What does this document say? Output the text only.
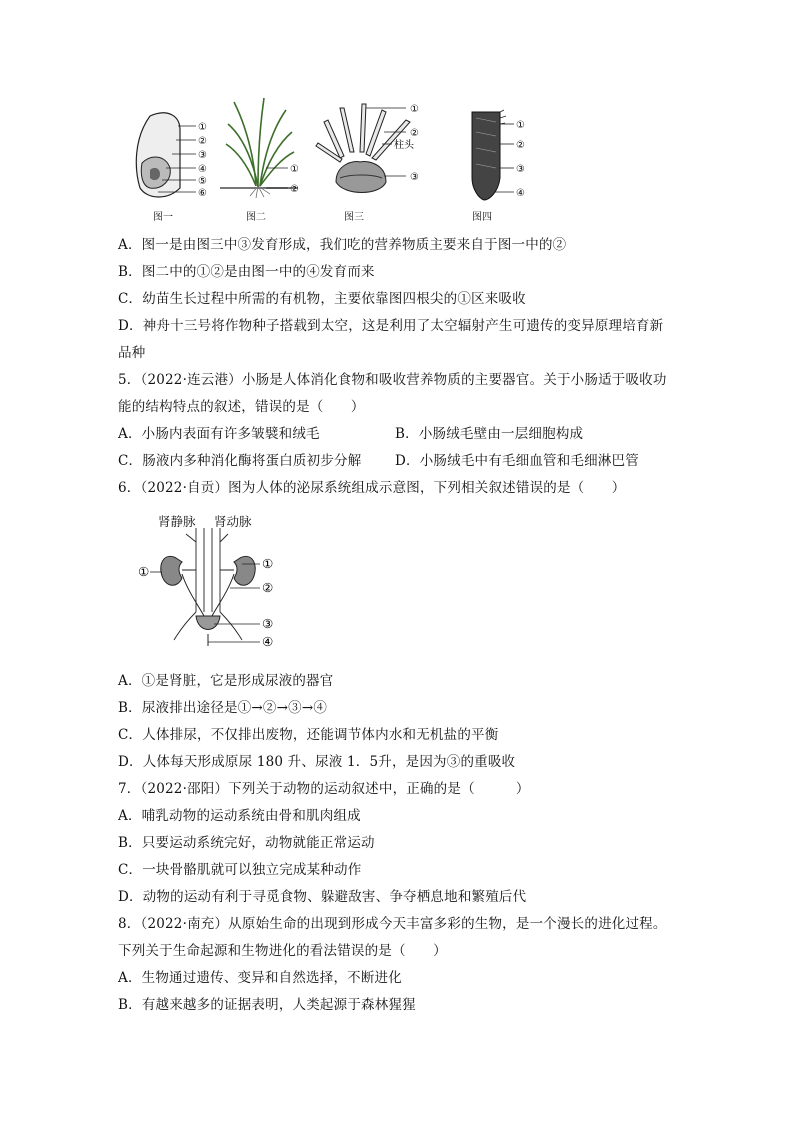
①
②
③
④
⑤
⑥
图一
①
②
图二
①
②
柱头
③
图三
①
②
③
④
图四
A．图一是由图三中③发育形成，我们吃的营养物质主要来自于图一中的②
B．图二中的①②是由图一中的④发育而来
C．幼苗生长过程中所需的有机物，主要依靠图四根尖的①区来吸收
D．神舟十三号将作物种子搭载到太空，这是利用了太空辐射产生可遗传的变异原理培育新
品种
5．（2022·连云港）小肠是人体消化食物和吸收营养物质的主要器官。关于小肠适于吸收功
能的结构特点的叙述，错误的是（　　）
A．小肠内表面有许多皱襞和绒毛	B．小肠绒毛壁由一层细胞构成
C．肠液内多种消化酶将蛋白质初步分解 D．小肠绒毛中有毛细血管和毛细淋巴管
6．（2022·自贡）图为人体的泌尿系统组成示意图，下列相关叙述错误的是（　　）
肾静脉 肾动脉
①
①
②
③
④
A．①是肾脏，它是形成尿液的器官
B．尿液排出途径是①→②→③→④
C．人体排尿，不仅排出废物，还能调节体内水和无机盐的平衡
D．人体每天形成原尿 180 升、尿液 1．5升，是因为③的重吸收
7．（2022·邵阳）下列关于动物的运动叙述中，正确的是（　　　）
A．哺乳动物的运动系统由骨和肌肉组成
B．只要运动系统完好，动物就能正常运动
C．一块骨骼肌就可以独立完成某种动作
D．动物的运动有利于寻觅食物、躲避敌害、争夺栖息地和繁殖后代
8．（2022·南充）从原始生命的出现到形成今天丰富多彩的生物，是一个漫长的进化过程。
下列关于生命起源和生物进化的看法错误的是（　　）
A．生物通过遗传、变异和自然选择，不断进化
B．有越来越多的证据表明，人类起源于森林猩猩
